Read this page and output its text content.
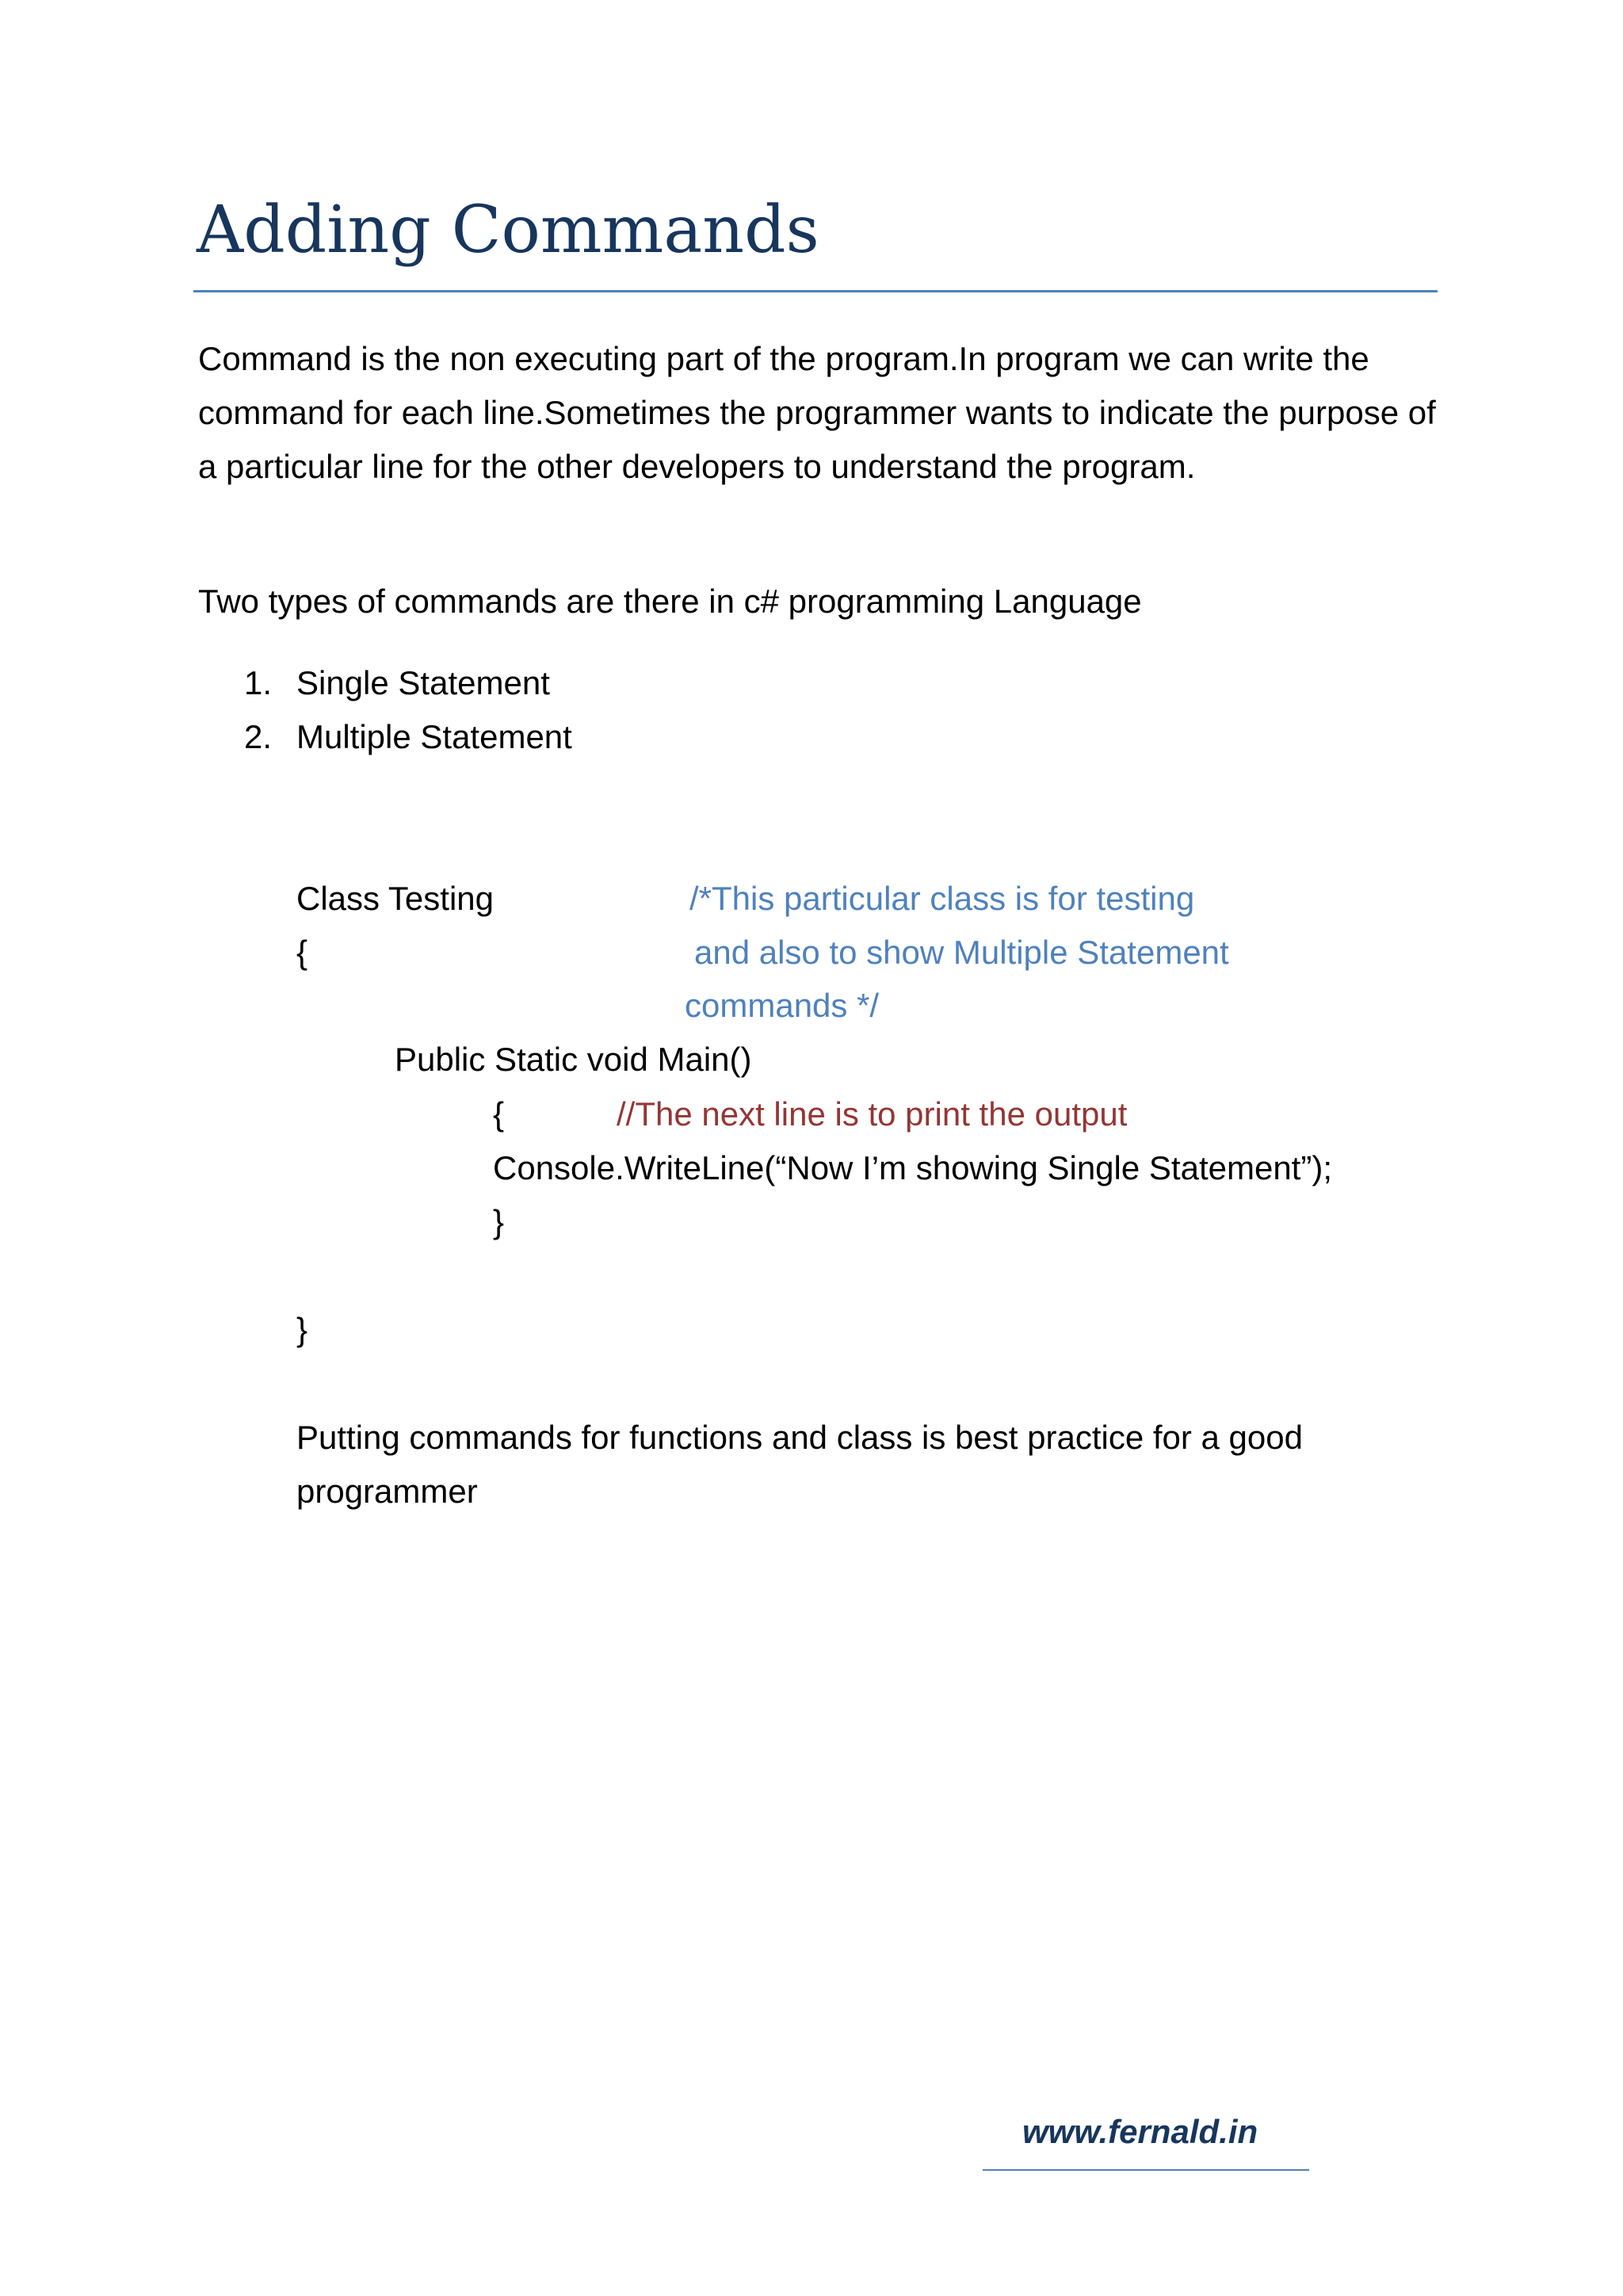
Adding Commands

Command is the non executing part of the program.In program we can write the command for each line.Sometimes the programmer wants to indicate the purpose of a particular line for the other developers to understand the program.

Two types of commands are there in c# programming Language

1. Single Statement
2. Multiple Statement
Class Testing	/*This particular class is for testing
{	and also to show Multiple Statement
commands */
Public Static void Main()
{	//The next line is to print the output
Console.WriteLine(“Now I’m showing Single Statement”);
}
}
Putting commands for functions and class is best practice for a good
programmer
www.fernald.in
